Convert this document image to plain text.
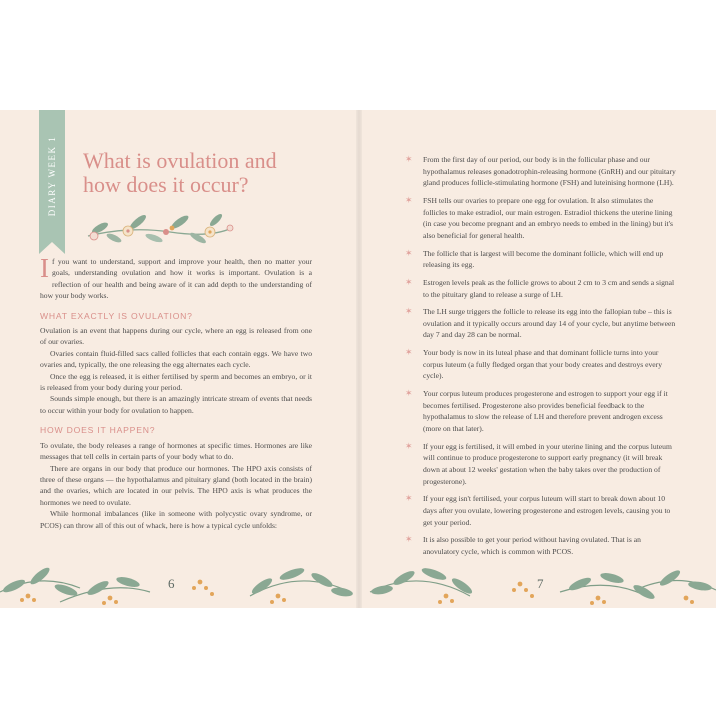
DIARY WEEK 1 What is ovulation and
how does it occur?

If you want to understand, support and improve your health, then no matter your goals, understanding ovulation and how it works is important. Ovulation is a reflection of our health and being aware of it can add depth to the understanding of how your body works.

WHAT EXACTLY IS OVULATION?

Ovulation is an event that happens during our cycle, where an egg is released from one of our ovaries.

Ovaries contain fluid-filled sacs called follicles that each contain eggs. We have two ovaries and, typically, the one releasing the egg alternates each cycle.

Once the egg is released, it is either fertilised by sperm and becomes an embryo, or it is released from your body during your period.

Sounds simple enough, but there is an amazingly intricate stream of events that needs to occur within your body for ovulation to happen.

HOW DOES IT HAPPEN?

To ovulate, the body releases a range of hormones at specific times. Hormones are like messages that tell cells in certain parts of your body what to do.

There are organs in our body that produce our hormones. The HPO axis consists of three of these organs — the hypothalamus and pituitary gland (both located in the brain) and the ovaries, which are located in our pelvis. The HPO axis is what produces the hormones we need to ovulate.

While hormonal imbalances (like in someone with polycystic ovary syndrome, or PCOS) can throw all of this out of whack, here is how a typical cycle unfolds:

✶	From the first day of our period, our body is in the follicular phase and our hypothalamus releases gonadotrophin-releasing hormone (GnRH) and our pituitary gland produces follicle-stimulating hormone (FSH) and luteinising hormone (LH).
✶	FSH tells our ovaries to prepare one egg for ovulation. It also stimulates the follicles to make estradiol, our main estrogen. Estradiol thickens the uterine lining (in case you become pregnant and an embryo needs to embed in the lining) but it's also beneficial for general health.
✶	The follicle that is largest will become the dominant follicle, which will end up releasing its egg.
✶	Estrogen levels peak as the follicle grows to about 2 cm to 3 cm and sends a signal to the pituitary gland to release a surge of LH.
✶	The LH surge triggers the follicle to release its egg into the fallopian tube – this is ovulation and it typically occurs around day 14 of your cycle, but anytime between day 7 and day 28 can be normal.
✶	Your body is now in its luteal phase and that dominant follicle turns into your corpus luteum (a fully fledged organ that your body creates and destroys every cycle).
✶	Your corpus luteum produces progesterone and estrogen to support your egg if it becomes fertilised. Progesterone also provides beneficial feedback to the hypothalamus to slow the release of LH and therefore prevent androgen excess (more on that later).
✶	If your egg is fertilised, it will embed in your uterine lining and the corpus luteum will continue to produce progesterone to support early pregnancy (it will break down at about 12 weeks' gestation when the baby takes over the production of progesterone).
✶	If your egg isn't fertilised, your corpus luteum will start to break down about 10 days after you ovulate, lowering progesterone and estrogen levels, causing you to get your period.
✶	It is also possible to get your period without having ovulated. That is an anovulatory cycle, which is common with PCOS.
6	7
